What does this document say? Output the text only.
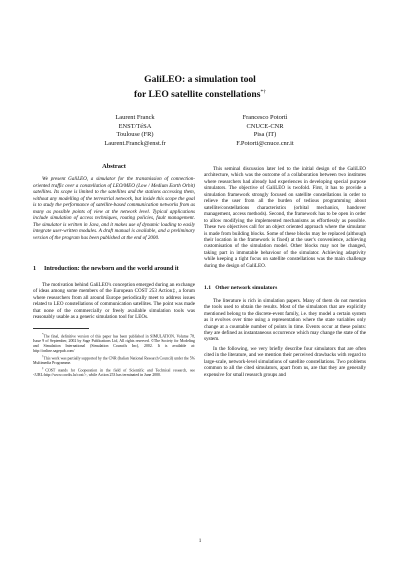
GaliLEO: a simulation tool
for LEO satellite constellations*†
Laurent Franck
ENST/TéSA
Toulouse (FR)
Laurent.Franck@enst.fr
Francesco Potortì
CNUCE-CNR
Pisa (IT)
F.Potorti@cnuce.cnr.it
Abstract

We present GaliLEO, a simulator for the transmission of connection-oriented traffic over a constellation of LEO/MEO (Low / Medium Earth Orbit) satellites. Its scope is limited to the satellites and the stations accessing them, without any modelling of the terrestrial network, but inside this scope the goal is to study the performance of satellite-based communication networks from as many as possible points of view at the network level. Typical applications include simulation of access techniques, routing policies, fault management. The simulator is written in Java, and it makes use of dynamic loading to easily integrate user-written modules. A draft manual is available, and a preliminary version of the program has been published at the end of 2000.

1	Introduction: the newborn and the world around it

The motivation behind GaliLEO's conception emerged during an exchange of ideas among some members of the European COST 253 Action‡, a forum where researchers from all around Europe periodically meet to address issues related to LEO constellations of communication satellites. The point was made that none of the commercially or freely available simulation tools was reasonably usable as a generic simulation tool for LEOs.

*The final, definitive version of this paper has been published in SIMULATION, Volume 78, Issue 9 of September, 2002 by Sage Publications Ltd, All rights reserved. ©The Society for Modeling and Simulation International (Simulation Councils Inc), 2002. It is available at: http://online.sagepub.com/

†This work was partially supported by the CNR (Italian National Research Council) under the 5% Multimedia Programme.

‡COST stands for Cooperation in the field of Scientific and Technical research, see <URL:http://www.cordis.lu/cost/>, while Action 253 has terminated in June 2000.

This seminal discussion later led to the initial design of the GaliLEO architecture, which was the outcome of a collaboration between two institutes where researchers had already had experiences in developing special purpose simulators. The objective of GaliLEO is twofold. First, it has to provide a simulation framework strongly focused on satellite constellations in order to relieve the user from all the burden of tedious programming about satellite/constellations characteristics (orbital mechanics, handover management, access methods). Second, the framework has to be open in order to allow modifying the implemented mechanisms as effortlessly as possible. These two objectives call for an object oriented approach where the simulator is made from building blocks. Some of these blocks may be replaced (although their location in the framework is fixed) at the user's convenience, achieving customisation of the simulation model. Other blocks may not be changed, taking part in immutable behaviour of the simulator. Achieving adaptivity while keeping a tight focus on satellite constellations was the main challenge during the design of GaliLEO.

1.1 Other network simulators

The literature is rich in simulation papers. Many of them do not mention the tools used to obtain the results. Most of the simulators that are explicitly mentioned belong to the discrete-event family, i.e. they model a certain system as it evolves over time using a representation where the state variables only change at a countable number of points in time. Events occur at these points: they are defined as instantaneous occurrence which may change the state of the system.

In the following, we very briefly describe four simulators that are often cited in the literature, and we mention their perceived drawbacks with regard to large-scale, network-level simulations of satellite constellations. Two problems common to all the cited simulators, apart from ns, are that they are generally expensive for small research groups and

1
